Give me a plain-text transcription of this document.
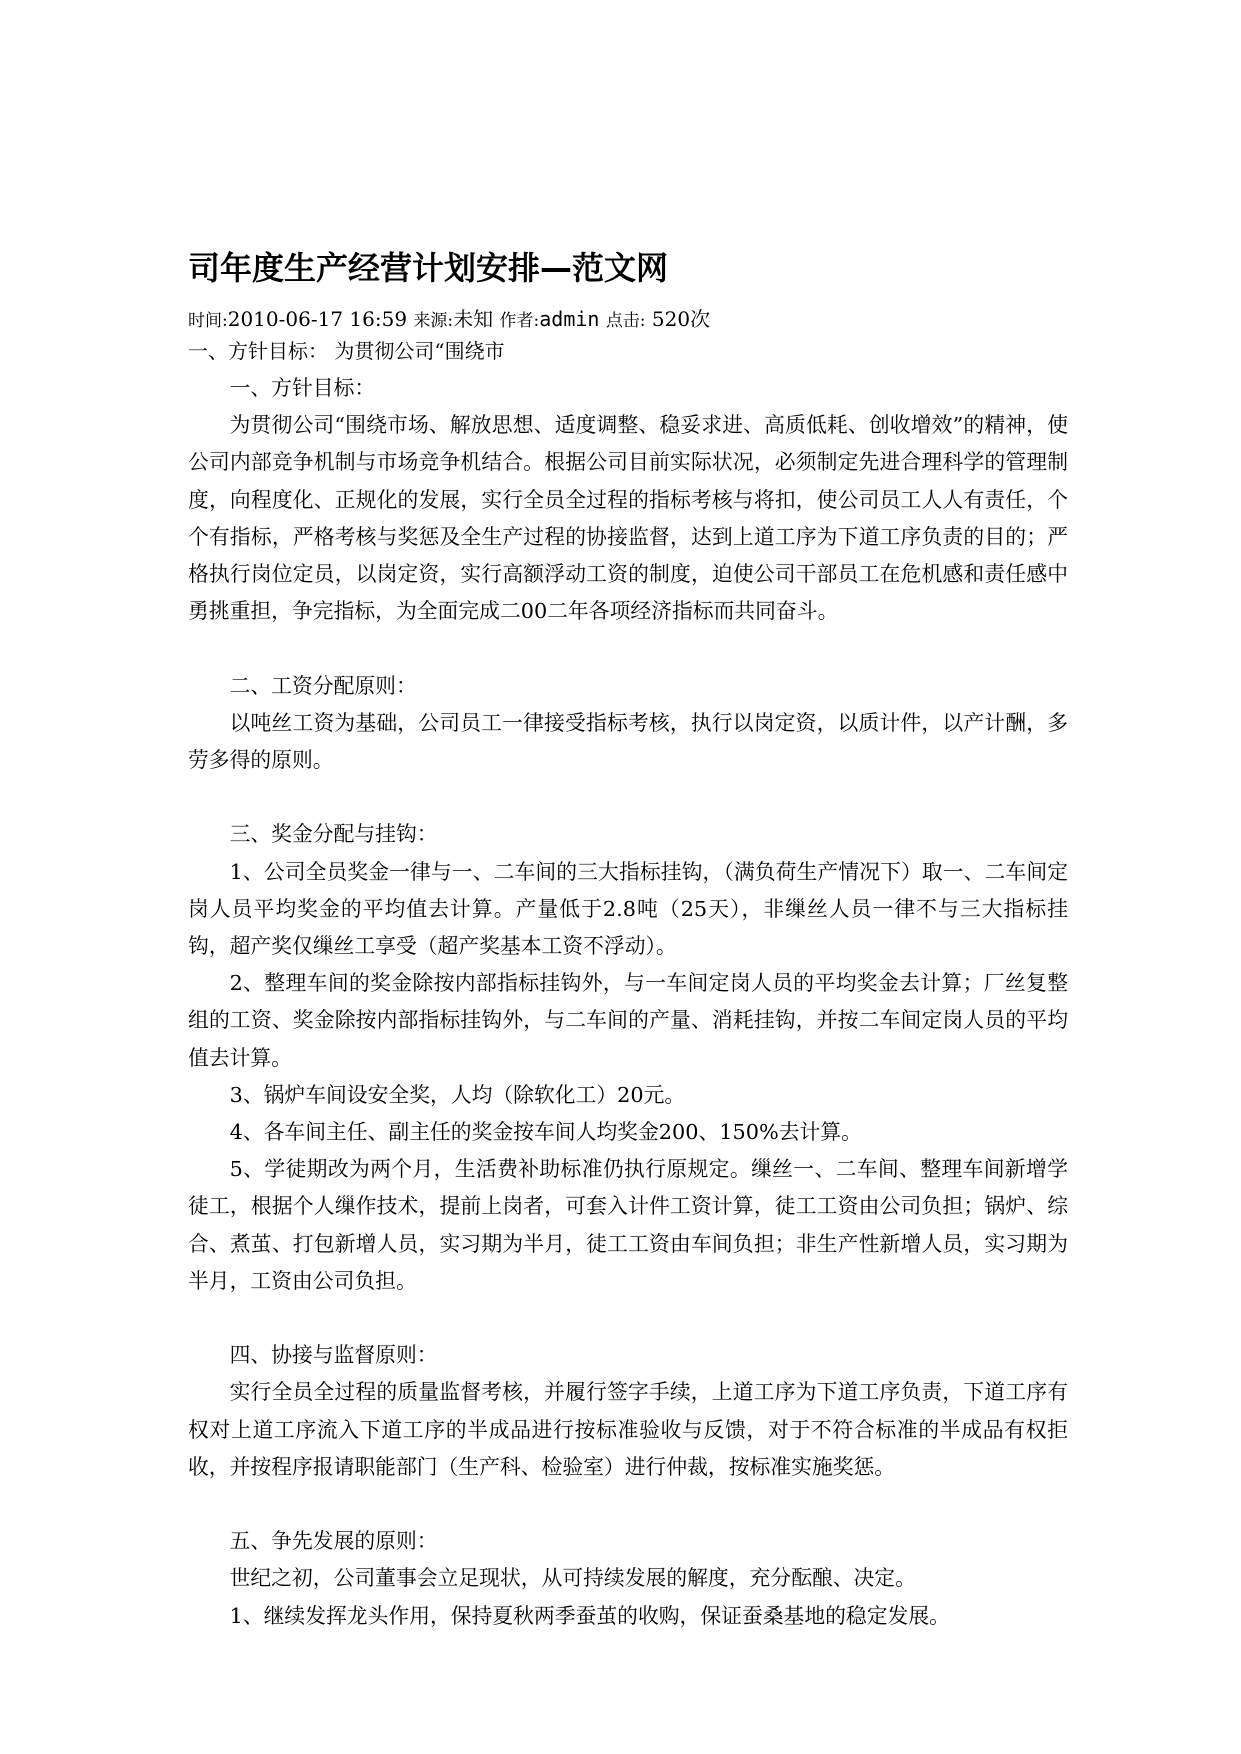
司年度生产经营计划安排—范文网
时间:2010-06-17 16:59 来源:未知 作者:admin 点击: 520次
一、方针目标： 为贯彻公司“围绕市

一、方针目标：

为贯彻公司“围绕市场、解放思想、适度调整、稳妥求进、高质低耗、创收增效”的精神，使公司内部竞争机制与市场竞争机结合。根据公司目前实际状况，必须制定先进合理科学的管理制度，向程度化、正规化的发展，实行全员全过程的指标考核与将扣，使公司员工人人有责任，个个有指标，严格考核与奖惩及全生产过程的协接监督，达到上道工序为下道工序负责的目的；严格执行岗位定员，以岗定资，实行高额浮动工资的制度，迫使公司干部员工在危机感和责任感中勇挑重担，争完指标，为全面完成二00二年各项经济指标而共同奋斗。

二、工资分配原则：

以吨丝工资为基础，公司员工一律接受指标考核，执行以岗定资，以质计件，以产计酬，多劳多得的原则。

三、奖金分配与挂钩：

1、公司全员奖金一律与一、二车间的三大指标挂钩，（满负荷生产情况下）取一、二车间定岗人员平均奖金的平均值去计算。产量低于2.8吨（25天），非缫丝人员一律不与三大指标挂钩，超产奖仅缫丝工享受（超产奖基本工资不浮动）。

2、整理车间的奖金除按内部指标挂钩外，与一车间定岗人员的平均奖金去计算；厂丝复整组的工资、奖金除按内部指标挂钩外，与二车间的产量、消耗挂钩，并按二车间定岗人员的平均值去计算。

3、锅炉车间设安全奖，人均（除软化工）20元。

4、各车间主任、副主任的奖金按车间人均奖金200、150%去计算。

5、学徒期改为两个月，生活费补助标准仍执行原规定。缫丝一、二车间、整理车间新增学徒工，根据个人缫作技术，提前上岗者，可套入计件工资计算，徒工工资由公司负担；锅炉、综合、煮茧、打包新增人员，实习期为半月，徒工工资由车间负担；非生产性新增人员，实习期为半月，工资由公司负担。

四、协接与监督原则：

实行全员全过程的质量监督考核，并履行签字手续，上道工序为下道工序负责，下道工序有权对上道工序流入下道工序的半成品进行按标准验收与反馈，对于不符合标准的半成品有权拒收，并按程序报请职能部门（生产科、检验室）进行仲裁，按标准实施奖惩。

五、争先发展的原则：

世纪之初，公司董事会立足现状，从可持续发展的解度，充分酝酿、决定。

1、继续发挥龙头作用，保持夏秋两季蚕茧的收购，保证蚕桑基地的稳定发展。
